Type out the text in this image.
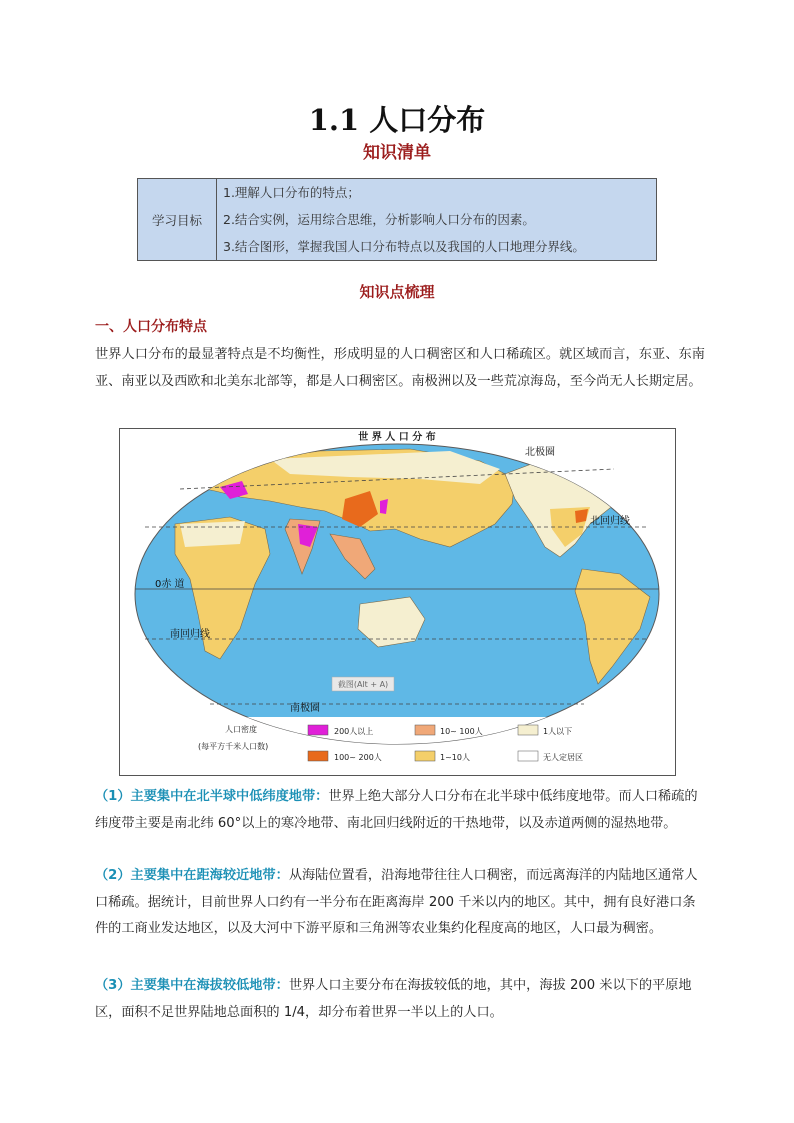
1.1 人口分布
知识清单
学习目标	
1.理解人口分布的特点；
2.结合实例，运用综合思维，分析影响人口分布的因素。
3.结合图形，掌握我国人口分布特点以及我国的人口地理分界线。
知识点梳理
一、人口分布特点
世界人口分布的最显著特点是不均衡性，形成明显的人口稠密区和人口稀疏区。就区域而言，东亚、东南亚、南亚以及西欧和北美东北部等，都是人口稠密区。南极洲以及一些荒凉海岛，至今尚无人长期定居。
世 界 人 口 分 布
北极圈
北回归线
0赤 道
南回归线
南极圈
截图(Alt + A)
人口密度
(每平方千米人口数)
200人以上	10~ 100人	1人以下
100~ 200人	1~10人	无人定居区
（1）主要集中在北半球中低纬度地带：世界上绝大部分人口分布在北半球中低纬度地带。而人口稀疏的纬度带主要是南北纬 60°以上的寒冷地带、南北回归线附近的干热地带，以及赤道两侧的湿热地带。
（2）主要集中在距海较近地带：从海陆位置看，沿海地带往往人口稠密，而远离海洋的内陆地区通常人口稀疏。据统计，目前世界人口约有一半分布在距离海岸 200 千米以内的地区。其中，拥有良好港口条件的工商业发达地区，以及大河中下游平原和三角洲等农业集约化程度高的地区，人口最为稠密。
（3）主要集中在海拔较低地带：世界人口主要分布在海拔较低的地，其中，海拔 200 米以下的平原地区，面积不足世界陆地总面积的 1/4，却分布着世界一半以上的人口。
